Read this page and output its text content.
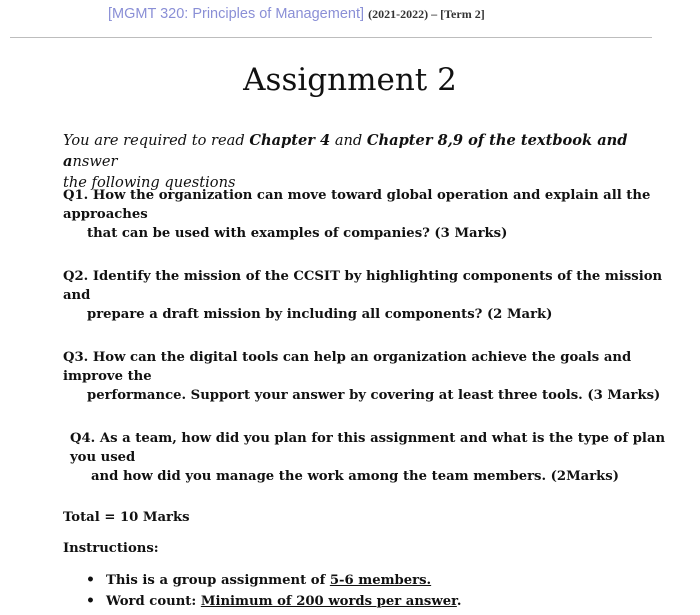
[MGMT 320: Principles of Management] (2021-2022) – [Term 2]
Assignment 2
You are required to read Chapter 4 and Chapter 8,9 of the textbook and answer
the following questions
Q1. How the organization can move toward global operation and explain all the approaches
that can be used with examples of companies? (3 Marks)
Q2. Identify the mission of the CCSIT by highlighting components of the mission and
prepare a draft mission by including all components? (2 Mark)
Q3. How can the digital tools can help an organization achieve the goals and improve the
performance. Support your answer by covering at least three tools. (3 Marks)
Q4. As a team, how did you plan for this assignment and what is the type of plan you used
and how did you manage the work among the team members. (2Marks)
Total = 10 Marks
Instructions:
• This is a group assignment of 5-6 members.
• Word count: Minimum of 200 words per answer.
